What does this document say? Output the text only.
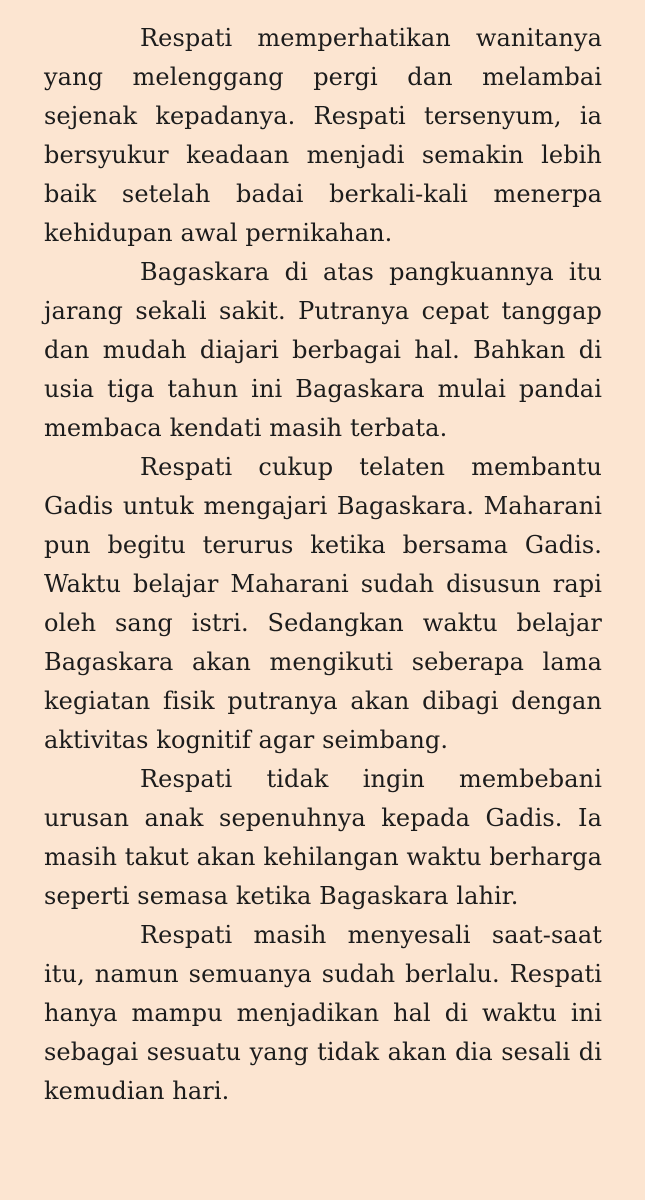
Respati memperhatikan wanitanya yang melenggang pergi dan melambai sejenak kepadanya. Respati tersenyum, ia bersyukur keadaan menjadi semakin lebih baik setelah badai berkali-kali menerpa kehidupan awal pernikahan.

Bagaskara di atas pangkuannya itu jarang sekali sakit. Putranya cepat tanggap dan mudah diajari berbagai hal. Bahkan di usia tiga tahun ini Bagaskara mulai pandai membaca kendati masih terbata.

Respati cukup telaten membantu Gadis untuk mengajari Bagaskara. Maharani pun begitu terurus ketika bersama Gadis. Waktu belajar Maharani sudah disusun rapi oleh sang istri. Sedangkan waktu belajar Bagaskara akan mengikuti seberapa lama kegiatan fisik putranya akan dibagi dengan aktivitas kognitif agar seimbang.

Respati tidak ingin membebani urusan anak sepenuhnya kepada Gadis. Ia masih takut akan kehilangan waktu berharga seperti semasa ketika Bagaskara lahir.

Respati masih menyesali saat-saat itu, namun semuanya sudah berlalu. Respati hanya mampu menjadikan hal di waktu ini sebagai sesuatu yang tidak akan dia sesali di kemudian hari.
